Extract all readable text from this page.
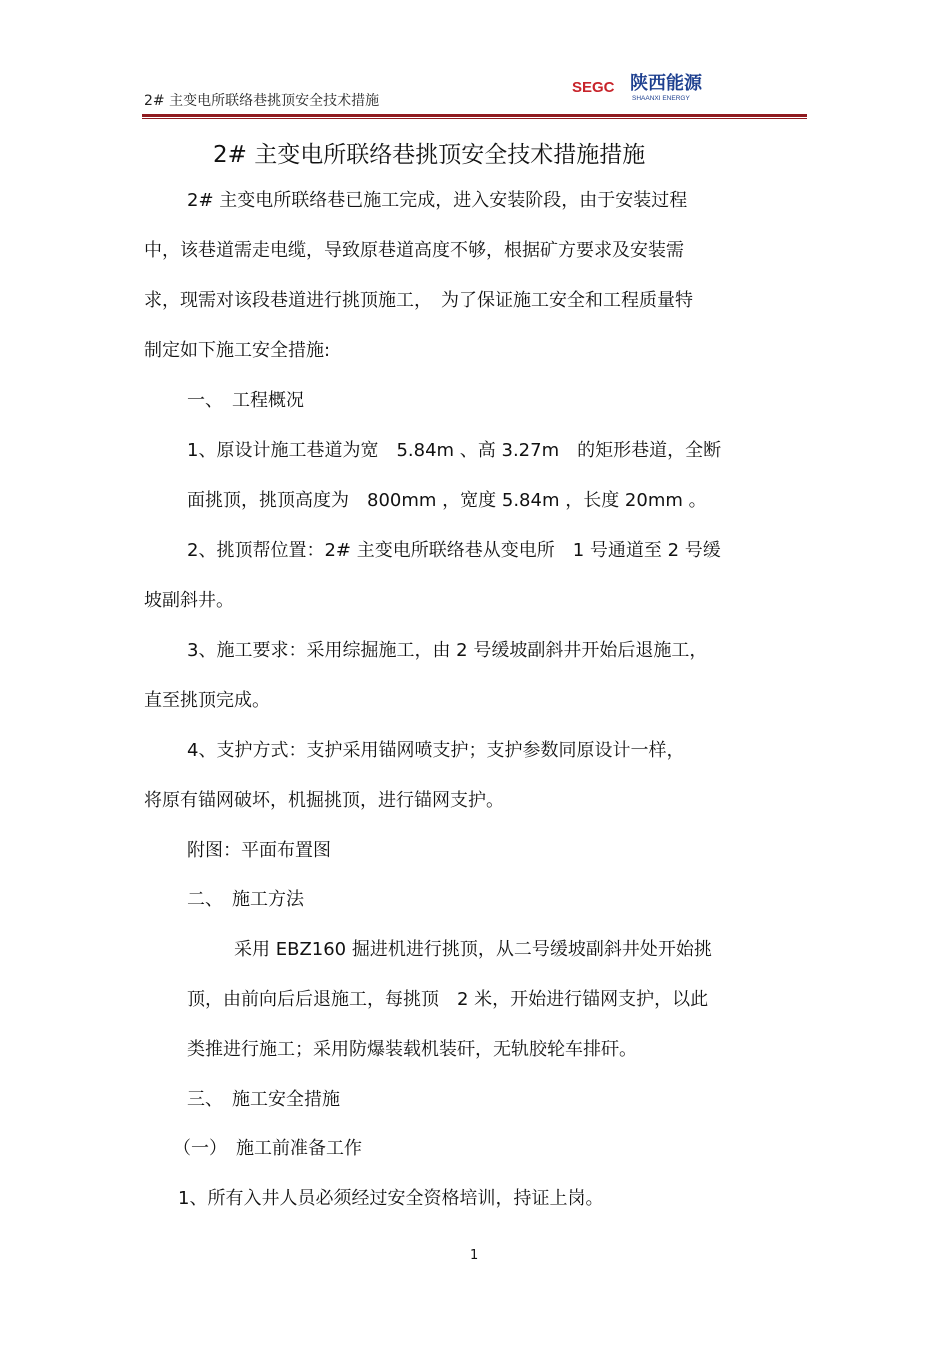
2# 主变电所联络巷挑顶安全技术措施
SEGC 陕西能源
SHAANXI ENERGY
2# 主变电所联络巷挑顶安全技术措施措施
2# 主变电所联络巷已施工完成，进入安装阶段，由于安装过程
中，该巷道需走电缆，导致原巷道高度不够，根据矿方要求及安装需
求，现需对该段巷道进行挑顶施工，　为了保证施工安全和工程质量特
制定如下施工安全措施:
一、　工程概况
1、原设计施工巷道为宽　5.84m 、高 3.27m　的矩形巷道，全断
面挑顶，挑顶高度为　800mm ，宽度 5.84m ，长度 20mm 。
2、挑顶帮位置：2# 主变电所联络巷从变电所　1 号通道至 2 号缓
坡副斜井。
3、施工要求：采用综掘施工，由 2 号缓坡副斜井开始后退施工，
直至挑顶完成。
4、支护方式：支护采用锚网喷支护；支护参数同原设计一样，
将原有锚网破坏，机掘挑顶，进行锚网支护。
附图：平面布置图
二、　施工方法
采用 EBZ160 掘进机进行挑顶，从二号缓坡副斜井处开始挑
顶，由前向后后退施工，每挑顶　2 米，开始进行锚网支护，以此
类推进行施工；采用防爆装载机装矸，无轨胶轮车排矸。
三、　施工安全措施
（一）　施工前准备工作
1、所有入井人员必须经过安全资格培训，持证上岗。
1
